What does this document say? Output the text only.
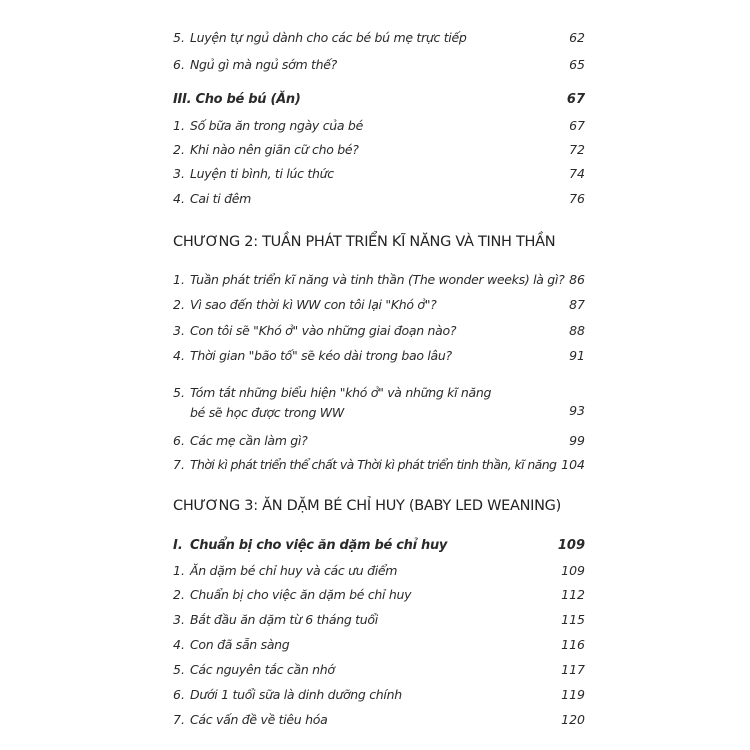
5. Luyện tự ngủ dành cho các bé bú mẹ trực tiếp	62
6. Ngủ gì mà ngủ sớm thế?	65
III. Cho bé bú (Ăn)	67
1. Số bữa ăn trong ngày của bé	67
2. Khi nào nên giãn cữ cho bé?	72
3. Luyện ti bình, ti lúc thức	74
4. Cai ti đêm	76
CHƯƠNG 2: TUẦN PHÁT TRIỂN KĨ NĂNG VÀ TINH THẦN
1. Tuần phát triển kĩ năng và tinh thần (The wonder weeks) là gì? 86
2. Vì sao đến thời kì WW con tôi lại "Khó ở"?	87
3. Con tôi sẽ "Khó ở" vào những giai đoạn nào?	88
4. Thời gian "bão tố" sẽ kéo dài trong bao lâu?	91
5. Tóm tắt những biểu hiện "khó ở" và những kĩ năng
bé sẽ học được trong WW	93
6. Các mẹ cần làm gì?	99
7. Thời kì phát triển thể chất và Thời kì phát triển tinh thần, kĩ năng 104
CHƯƠNG 3: ĂN DẶM BÉ CHỈ HUY (BABY LED WEANING)
I. Chuẩn bị cho việc ăn dặm bé chỉ huy	109
1. Ăn dặm bé chỉ huy và các ưu điểm	109
2. Chuẩn bị cho việc ăn dặm bé chỉ huy	112
3. Bắt đầu ăn dặm từ 6 tháng tuổi	115
4. Con đã sẵn sàng	116
5. Các nguyên tắc cần nhớ	117
6. Dưới 1 tuổi sữa là dinh dưỡng chính	119
7. Các vấn đề về tiêu hóa	120
